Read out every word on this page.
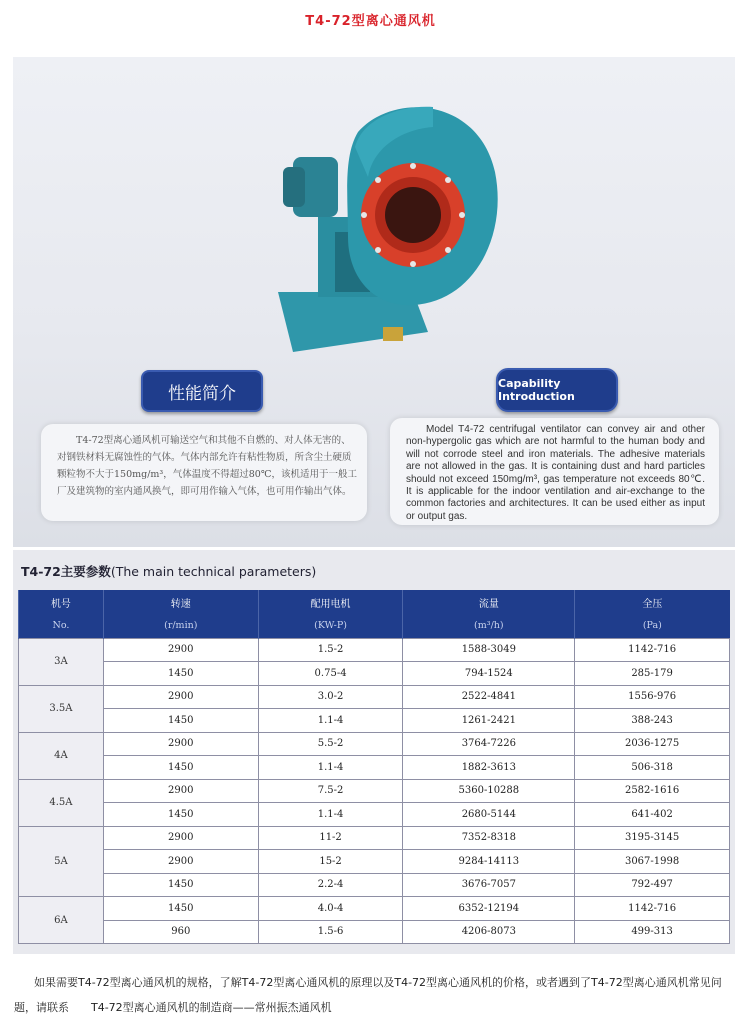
T4-72型离心通风机
性能简介	Capability Introduction
T4-72型离心通风机可输送空气和其他不自燃的、对人体无害的、对钢铁材料无腐蚀性的气体。气体内部允许有粘性物质，所含尘土硬质颗粒物不大于150mg/m³，气体温度不得超过80℃，该机适用于一般工厂及建筑物的室内通风换气，即可用作输入气体，也可用作输出气体。
Model T4-72 centrifugal ventilator can convey air and other non-hypergolic gas which are not harmful to the human body and will not corrode steel and iron materials. The adhesive materials are not allowed in the gas. It is containing dust and hard particles should not exceed 150mg/m³, gas temperature not exceeds 80℃. It is applicable for the indoor ventilation and air-exchange to the common factories and architectures. It can be used either as input or output gas.
T4-72主要参数(The main technical parameters)
机号	转速	配用电机	流量	全压
No.	(r/min)	(KW-P)	(m³/h)	(Pa)
3A	2900	1.5-2	1588-3049	1142-716
	1450	0.75-4	794-1524	285-179
3.5A	2900	3.0-2	2522-4841	1556-976
	1450	1.1-4	1261-2421	388-243
4A	2900	5.5-2	3764-7226	2036-1275
	1450	1.1-4	1882-3613	506-318
4.5A	2900	7.5-2	5360-10288	2582-1616
	1450	1.1-4	2680-5144	641-402
5A	2900	11-2	7352-8318	3195-3145
	2900	15-2	9284-14113	3067-1998
	1450	2.2-4	3676-7057	792-497
6A	1450	4.0-4	6352-12194	1142-716
	960	1.5-6	4206-8073	499-313
如果需要T4-72型离心通风机的规格，了解T4-72型离心通风机的原理以及T4-72型离心通风机的价格，或者遇到了T4-72型离心通风机常见问题，请联系　　T4-72型离心通风机的制造商——常州振杰通风机
